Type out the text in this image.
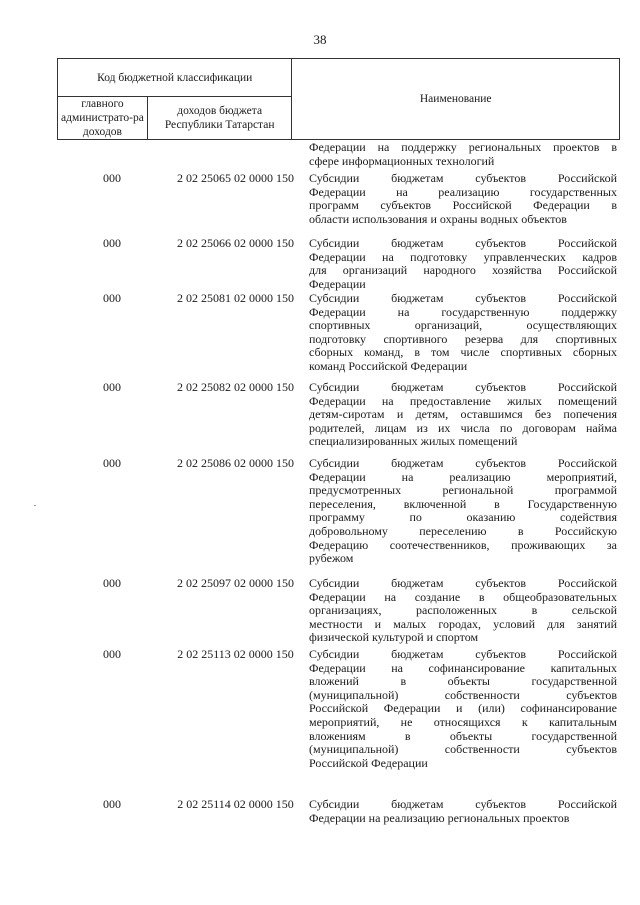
38
Код бюджетной классификации		Наименование
главного администрато-ра доходов	доходов бюджета Республики Татарстан	
Федерации на поддержку региональных проектов в
сфере информационных технологий
000	2 02 25065 02 0000 150	Субсидии бюджетам субъектов Российской
Федерации на реализацию государственных
программ субъектов Российской Федерации в
области использования и охраны водных объектов
000	2 02 25066 02 0000 150	Субсидии бюджетам субъектов Российской
Федерации на подготовку управленческих кадров
для организаций народного хозяйства Российской
Федерации
000	2 02 25081 02 0000 150	Субсидии бюджетам субъектов Российской
Федерации на государственную поддержку
спортивных организаций, осуществляющих
подготовку спортивного резерва для спортивных
сборных команд, в том числе спортивных сборных
команд Российской Федерации
000	2 02 25082 02 0000 150	Субсидии бюджетам субъектов Российской
Федерации на предоставление жилых помещений
детям-сиротам и детям, оставшимся без попечения
родителей, лицам из их числа по договорам найма
специализированных жилых помещений
000	2 02 25086 02 0000 150	Субсидии бюджетам субъектов Российской
Федерации на реализацию мероприятий,
предусмотренных региональной программой
переселения, включенной в Государственную
программу по оказанию содействия
добровольному переселению в Российскую
Федерацию соотечественников, проживающих за
рубежом
000	2 02 25097 02 0000 150	Субсидии бюджетам субъектов Российской
Федерации на создание в общеобразовательных
организациях, расположенных в сельской
местности и малых городах, условий для занятий
физической культурой и спортом
000	2 02 25113 02 0000 150	Субсидии бюджетам субъектов Российской
Федерации на софинансирование капитальных
вложений в объекты государственной
(муниципальной) собственности субъектов
Российской Федерации и (или) софинансирование
мероприятий, не относящихся к капитальным
вложениям в объекты государственной
(муниципальной) собственности субъектов
Российской Федерации
000	2 02 25114 02 0000 150	Субсидии бюджетам субъектов Российской
Федерации на реализацию региональных проектов
